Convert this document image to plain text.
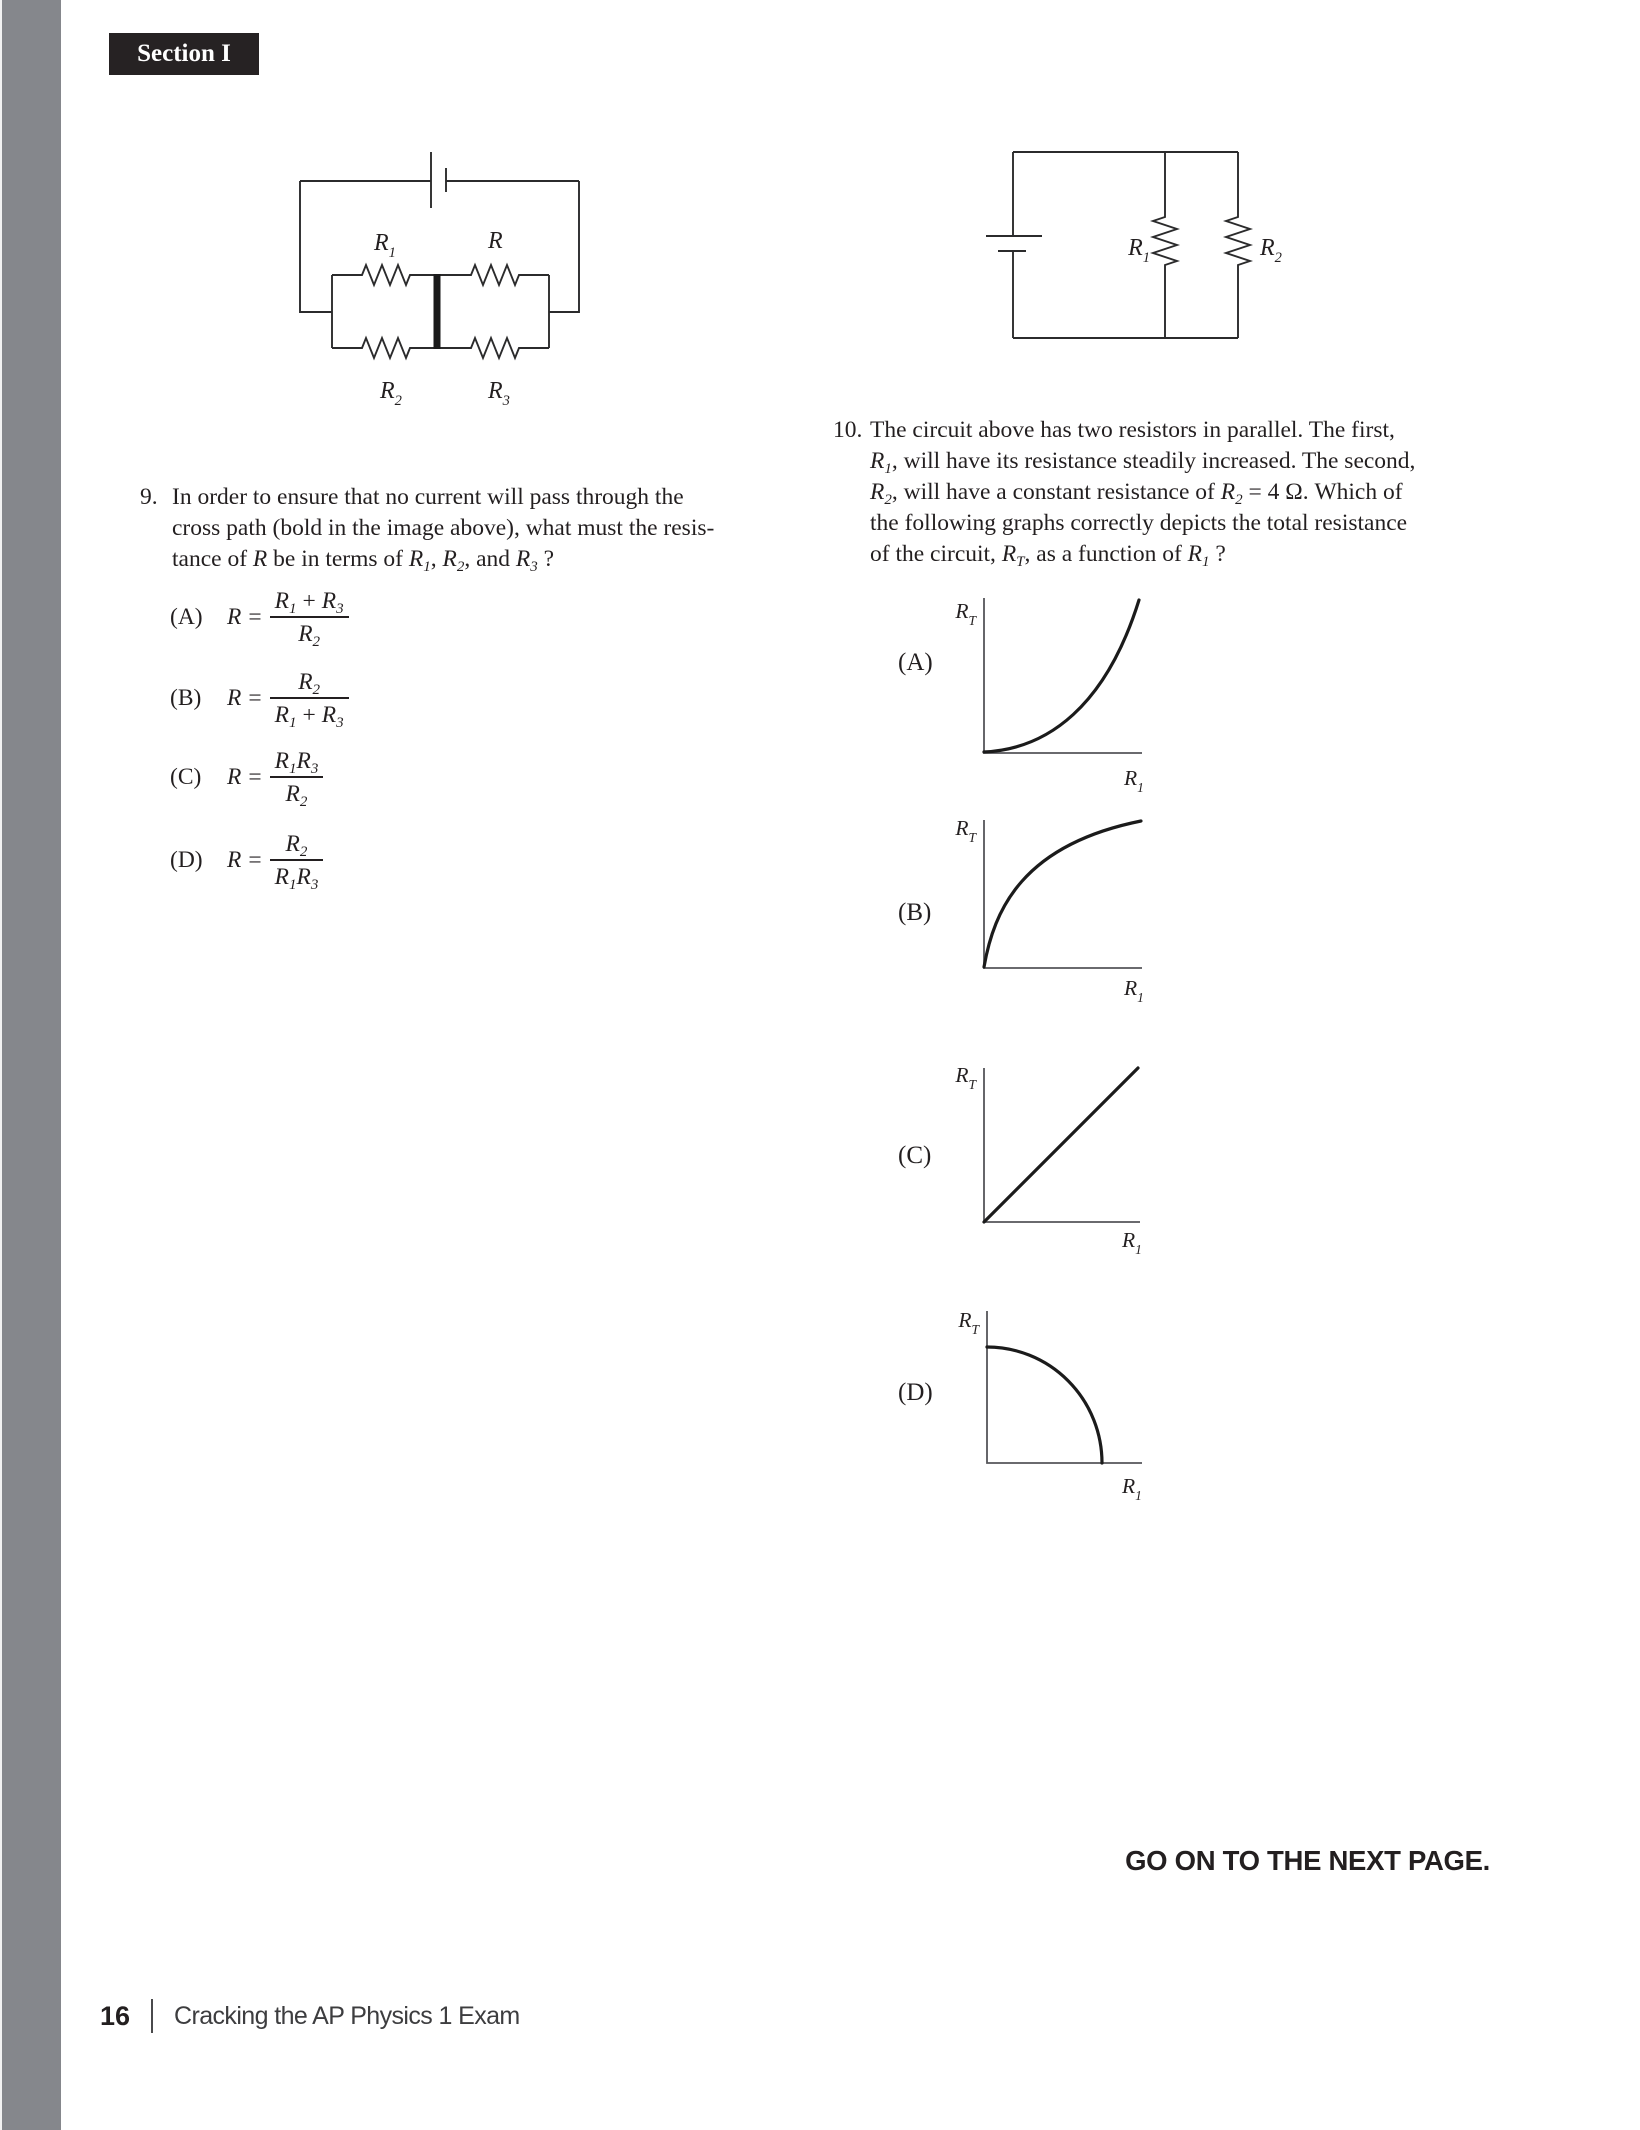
Section I
$R_1$	R
$R_2$	$R_3$
9. In order to ensure that no current will pass through the
cross path (bold in the image above), what must the resis-
tance of R be in terms of $R_1$, $R_2$, and $R_3$ ?
(A)	$R = \frac{R_1 + R_3}{R_2}$
(B)	$R = \frac{R_2}{R_1 + R_3}$
(C)	$R = \frac{R_1R_3}{R_2}$
(D)	$R = \frac{R_2}{R_1R_3}$
$R_1$	$R_2$
10. The circuit above has two resistors in parallel. The first,
$R_1$, will have its resistance steadily increased. The second,
$R_2$, will have a constant resistance of $R_2 = 4$ Ω. Which of
the following graphs correctly depicts the total resistance
of the circuit, $R_T$, as a function of $R_1$ ?
(A)
$R_T$
$R_1$
(B)
$R_T$
$R_1$
(C)
$R_T$
$R_1$
(D)
$R_T$
$R_1$
GO ON TO THE NEXT PAGE.
16 Cracking the AP Physics 1 Exam
